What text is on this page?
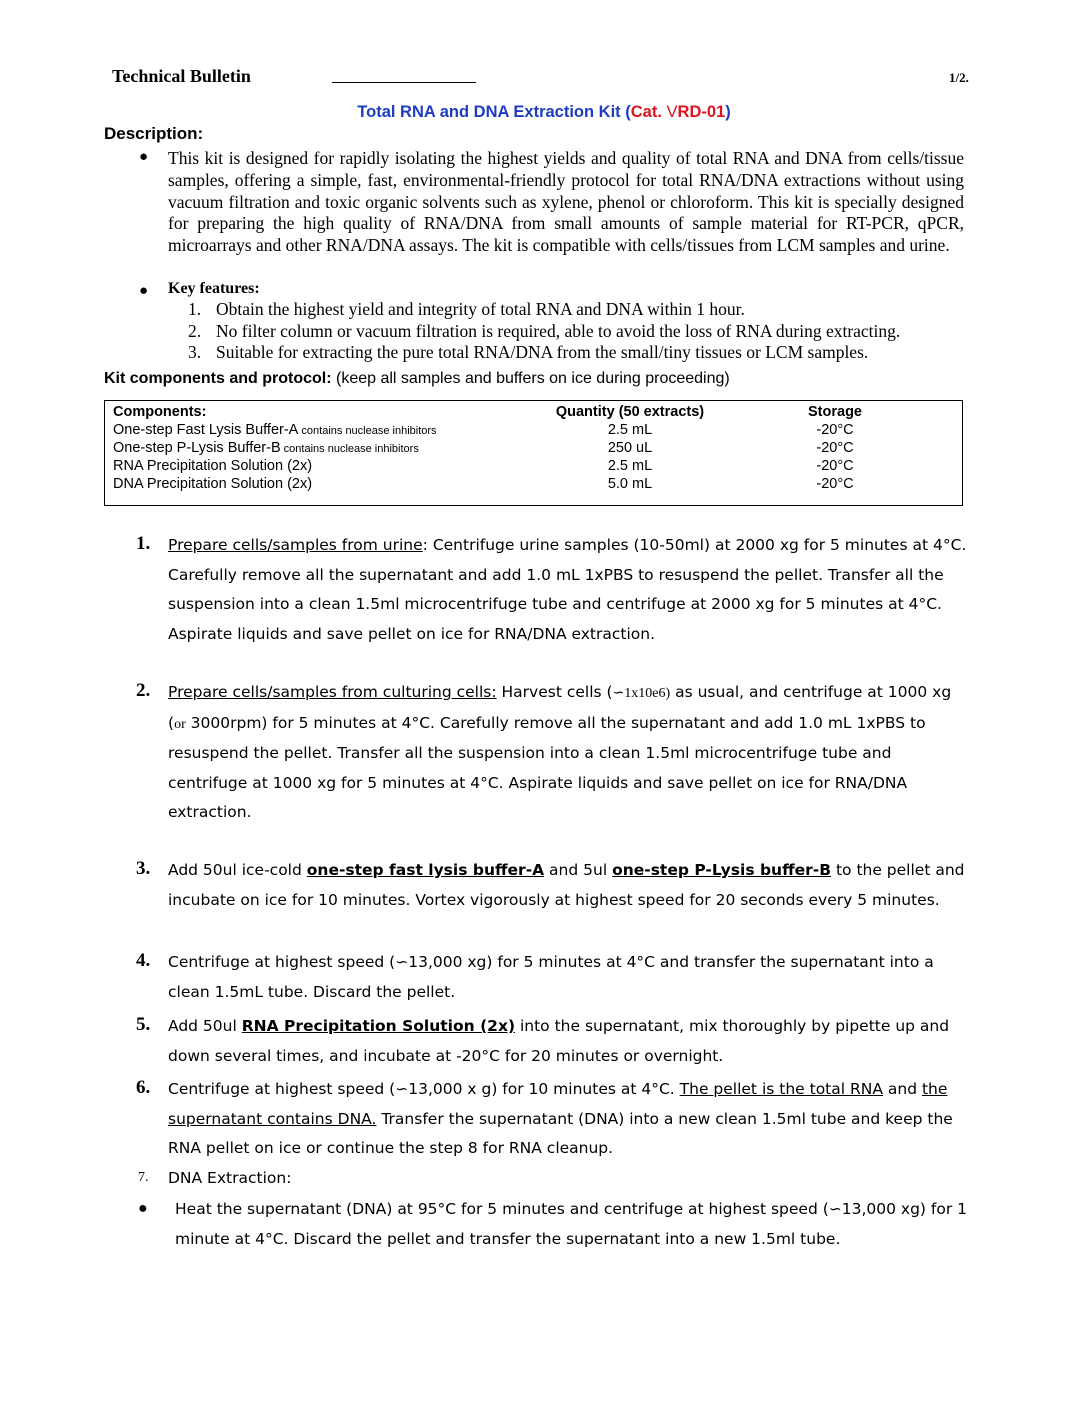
Technical Bulletin	1/2.
Total RNA and DNA Extraction Kit (Cat. VRD-01)
Description:
● This kit is designed for rapidly isolating the highest yields and quality of total RNA and DNA from cells/tissue samples, offering a simple, fast, environmental-friendly protocol for total RNA/DNA extractions without using vacuum filtration and toxic organic solvents such as xylene, phenol or chloroform. This kit is specially designed for preparing the high quality of RNA/DNA from small amounts of sample material for RT-PCR, qPCR, microarrays and other RNA/DNA assays. The kit is compatible with cells/tissues from LCM samples and urine.
● Key features:
1. Obtain the highest yield and integrity of total RNA and DNA within 1 hour.
2. No filter column or vacuum filtration is required, able to avoid the loss of RNA during extracting.
3. Suitable for extracting the pure total RNA/DNA from the small/tiny tissues or LCM samples.
Kit components and protocol: (keep all samples and buffers on ice during proceeding)
Components:	Quantity (50 extracts)	Storage
One-step Fast Lysis Buffer-A contains nuclease inhibitors	2.5 mL	-20°C
One-step P-Lysis Buffer-B contains nuclease inhibitors	250 uL	-20°C
RNA Precipitation Solution (2x)	2.5 mL	-20°C
DNA Precipitation Solution (2x)	5.0 mL	-20°C
1. Prepare cells/samples from urine: Centrifuge urine samples (10-50ml) at 2000 xg for 5 minutes at 4°C. Carefully remove all the supernatant and add 1.0 mL 1xPBS to resuspend the pellet. Transfer all the suspension into a clean 1.5ml microcentrifuge tube and centrifuge at 2000 xg for 5 minutes at 4°C. Aspirate liquids and save pellet on ice for RNA/DNA extraction.
2. Prepare cells/samples from culturing cells: Harvest cells (∽1x10e6) as usual, and centrifuge at 1000 xg (or 3000rpm) for 5 minutes at 4°C. Carefully remove all the supernatant and add 1.0 mL 1xPBS to resuspend the pellet. Transfer all the suspension into a clean 1.5ml microcentrifuge tube and centrifuge at 1000 xg for 5 minutes at 4°C. Aspirate liquids and save pellet on ice for RNA/DNA extraction.
3. Add 50ul ice-cold one-step fast lysis buffer-A and 5ul one-step P-Lysis buffer-B to the pellet and incubate on ice for 10 minutes. Vortex vigorously at highest speed for 20 seconds every 5 minutes.
4. Centrifuge at highest speed (∽13,000 xg) for 5 minutes at 4°C and transfer the supernatant into a clean 1.5mL tube. Discard the pellet.
5. Add 50ul RNA Precipitation Solution (2x) into the supernatant, mix thoroughly by pipette up and down several times, and incubate at -20°C for 20 minutes or overnight.
6. Centrifuge at highest speed (∽13,000 x g) for 10 minutes at 4°C. The pellet is the total RNA and the supernatant contains DNA. Transfer the supernatant (DNA) into a new clean 1.5ml tube and keep the RNA pellet on ice or continue the step 8 for RNA cleanup.
7. DNA Extraction:
● Heat the supernatant (DNA) at 95°C for 5 minutes and centrifuge at highest speed (∽13,000 xg) for 1 minute at 4°C. Discard the pellet and transfer the supernatant into a new 1.5ml tube.
